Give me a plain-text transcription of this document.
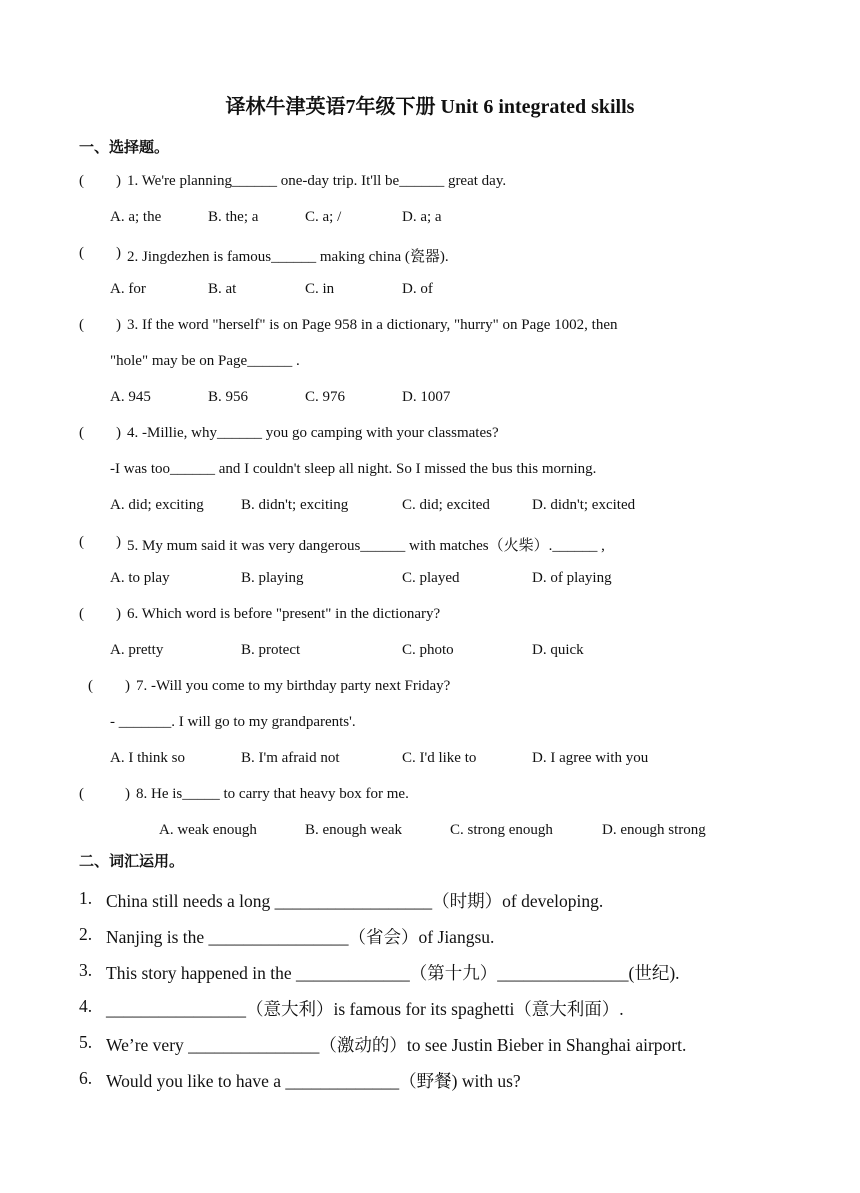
译林牛津英语7年级下册 Unit 6 integrated skills
一、选择题。
( ) 1. We're planning______ one-day trip. It'll be______ great day.
A. a; the	B. the; a	C. a; /	D. a; a
( ) 2. Jingdezhen is famous______ making china (瓷器).
A. for	B. at	C. in	D. of
( ) 3. If the word "herself" is on Page 958 in a dictionary, "hurry" on Page 1002, then
"hole" may be on Page______ .
A. 945	B. 956	C. 976	D. 1007
( ) 4. -Millie, why______ you go camping with your classmates?
-I was too______ and I couldn't sleep all night. So I missed the bus this morning.
A. did; exciting B. didn't; exciting	C. did; excited	D. didn't; excited
( ) 5. My mum said it was very dangerous______ with matches（火柴）.______ ,
A. to play	B. playing	C. played	D. of playing
( ) 6. Which word is before "present" in the dictionary?
A. pretty	B. protect	C. photo	D. quick
( ) 7. -Will you come to my birthday party next Friday?
- _______. I will go to my grandparents'.
A. I think so	B. I'm afraid not	C. I'd like to	D. I agree with you
(	) 8. He is_____ to carry that heavy box for me.
A. weak enough	B. enough weak	C. strong enough	D. enough strong
二、词汇运用。
1. China still needs a long __________________（时期）of developing.
2. Nanjing is the ________________（省会）of Jiangsu.
3. This story happened in the _____________（第十九）_______________(世纪).
4. ________________（意大利）is famous for its spaghetti（意大利面）.
5. We’re very _______________（激动的）to see Justin Bieber in Shanghai airport.
6. Would you like to have a _____________（野餐) with us?
